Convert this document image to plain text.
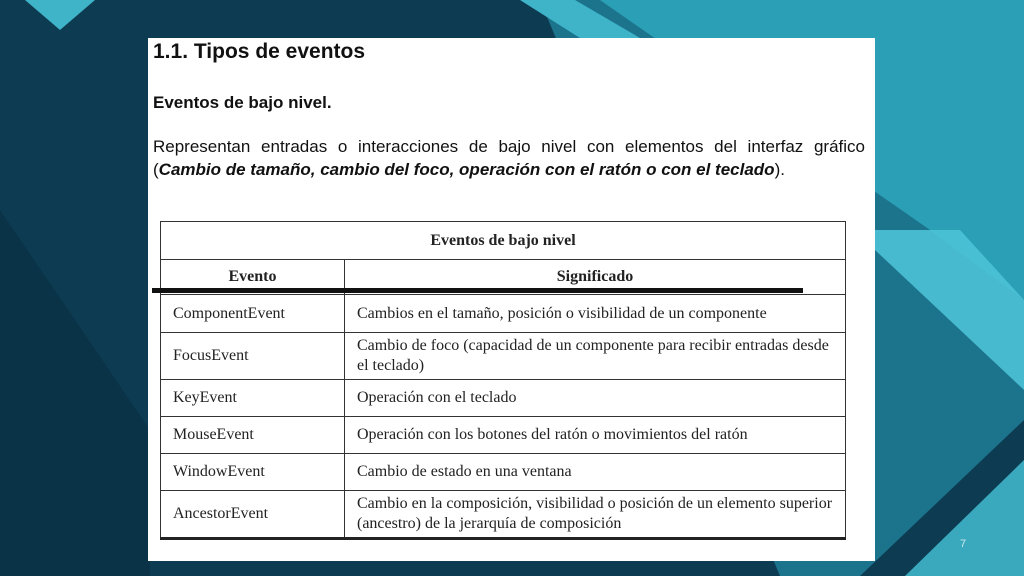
1.1. Tipos de eventos
Eventos de bajo nivel.

Representan entradas o interacciones de bajo nivel con elementos del interfaz gráfico (Cambio de tamaño, cambio del foco, operación con el ratón o con el teclado).

Eventos de bajo nivel	
Evento	Significado
ComponentEvent	Cambios en el tamaño, posición o visibilidad de un componente
FocusEvent	Cambio de foco (capacidad de un componente para recibir entradas desde el teclado)
KeyEvent	Operación con el teclado
MouseEvent	Operación con los botones del ratón o movimientos del ratón
WindowEvent	Cambio de estado en una ventana
AncestorEvent	Cambio en la composición, visibilidad o posición de un elemento superior (ancestro) de la jerarquía de composición
7
